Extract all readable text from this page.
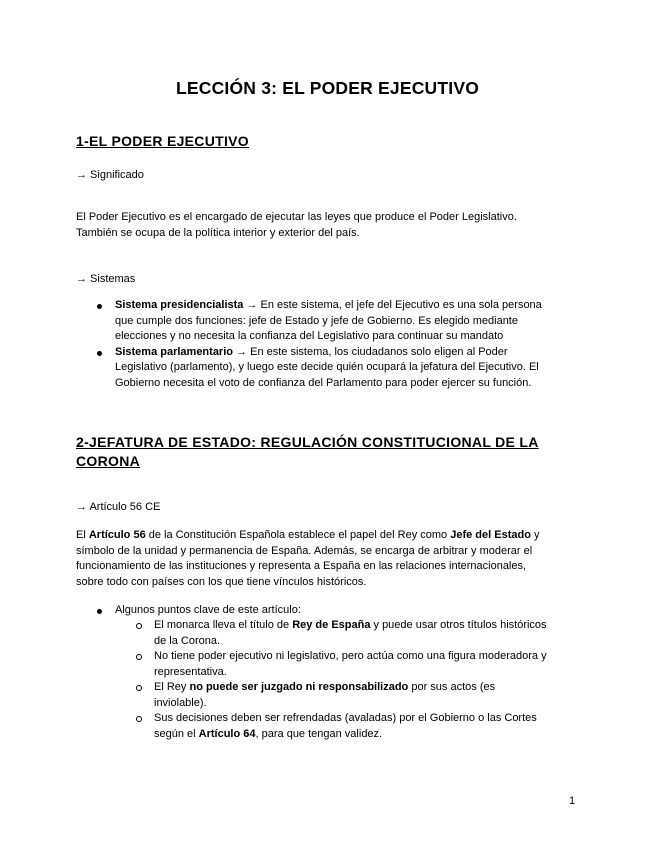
LECCIÓN 3: EL PODER EJECUTIVO
1-EL PODER EJECUTIVO
→ Significado
El Poder Ejecutivo es el encargado de ejecutar las leyes que produce el Poder Legislativo.
También se ocupa de la política interior y exterior del país.
→ Sistemas
Sistema presidencialista → En este sistema, el jefe del Ejecutivo es una sola persona
que cumple dos funciones: jefe de Estado y jefe de Gobierno. Es elegido mediante
elecciones y no necesita la confianza del Legislativo para continuar su mandato
Sistema parlamentario → En este sistema, los ciudadanos solo eligen al Poder
Legislativo (parlamento), y luego este decide quién ocupará la jefatura del Ejecutivo. El
Gobierno necesita el voto de confianza del Parlamento para poder ejercer su función.
2-JEFATURA DE ESTADO: REGULACIÓN CONSTITUCIONAL DE LA
CORONA
→ Artículo 56 CE
El Artículo 56 de la Constitución Española establece el papel del Rey como Jefe del Estado y
símbolo de la unidad y permanencia de España. Además, se encarga de arbitrar y moderar el
funcionamiento de las instituciones y representa a España en las relaciones internacionales,
sobre todo con países con los que tiene vínculos históricos.
Algunos puntos clave de este artículo:
El monarca lleva el título de Rey de España y puede usar otros títulos históricos
de la Corona.
No tiene poder ejecutivo ni legislativo, pero actúa como una figura moderadora y
representativa.
El Rey no puede ser juzgado ni responsabilizado por sus actos (es
inviolable).
Sus decisiones deben ser refrendadas (avaladas) por el Gobierno o las Cortes
según el Artículo 64, para que tengan validez.
1
